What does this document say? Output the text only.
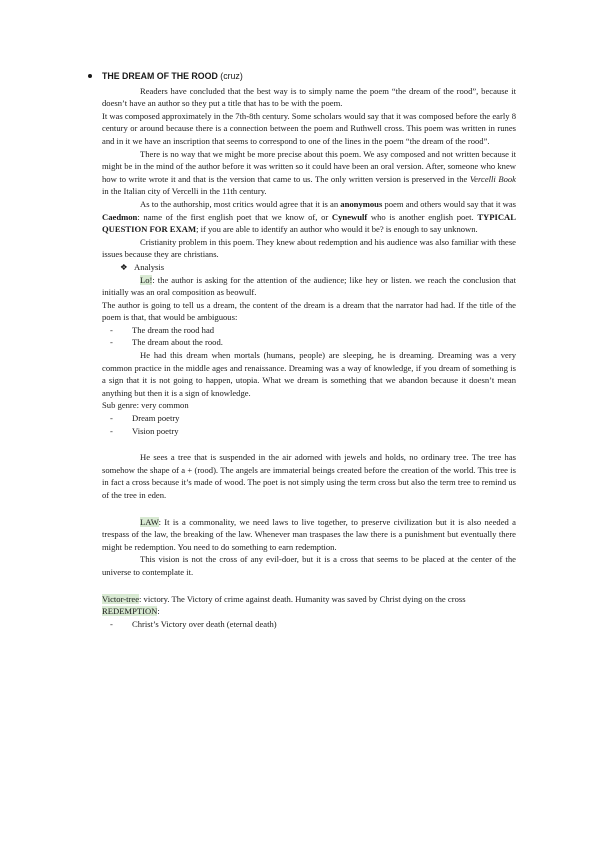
THE DREAM OF THE ROOD (cruz)

Readers have concluded that the best way is to simply name the poem “the dream of the rood”, because it doesn’t have an author so they put a title that has to be with the poem.

It was composed approximately in the 7th-8th century. Some scholars would say that it was composed before the early 8 century or around because there is a connection between the poem and Ruthwell cross. This poem was written in runes and in it we have an inscription that seems to correspond to one of the lines in the poem “the dream of the rood”.

There is no way that we might be more precise about this poem. We asy composed and not written because it might be in the mind of the author before it was written so it could have been an oral version. After, someone who knew how to write wrote it and that is the version that came to us. The only written version is preserved in the Vercelli Book in the Italian city of Vercelli in the 11th century.

As to the authorship, most critics would agree that it is an anonymous poem and others would say that it was Caedmon: name of the first english poet that we know of, or Cynewulf who is another english poet. TYPICAL QUESTION FOR EXAM; if you are able to identify an author who would it be? is enough to say unknown.

Cristianity problem in this poem. They knew about redemption and his audience was also familiar with these issues because they are christians.

❖ Analysis

Lo!: the author is asking for the attention of the audience; like hey or listen. we reach the conclusion that initially was an oral composition as beowulf.

The author is going to tell us a dream, the content of the dream is a dream that the narrator had had. If the title of the poem is that, that would be ambiguous:

-	The dream the rood had
-	The dream about the rood.

He had this dream when mortals (humans, people) are sleeping, he is dreaming. Dreaming was a very common practice in the middle ages and renaissance. Dreaming was a way of knowledge, if you dream of something is a sign that it is not going to happen, utopia. What we dream is something that we abandon because it doesn’t mean anything but then it is a sign of knowledge.

Sub genre: very common

-	Dream poetry
-	Vision poetry

He sees a tree that is suspended in the air adorned with jewels and holds, no ordinary tree. The tree has somehow the shape of a + (rood). The angels are immaterial beings created before the creation of the world. This tree is in fact a cross because it’s made of wood. The poet is not simply using the term cross but also the term tree to remind us of the tree in eden.

LAW: It is a commonality, we need laws to live together, to preserve civilization but it is also needed a trespass of the law, the breaking of the law. Whenever man traspases the law there is a punishment but eventually there might be redemption. You need to do something to earn redemption.

This vision is not the cross of any evil-doer, but it is a cross that seems to be placed at the center of the universe to contemplate it.

Victor-tree: victory. The Victory of crime against death. Humanity was saved by Christ dying on the cross

REDEMPTION:

-	Christ’s Victory over death (eternal death)
